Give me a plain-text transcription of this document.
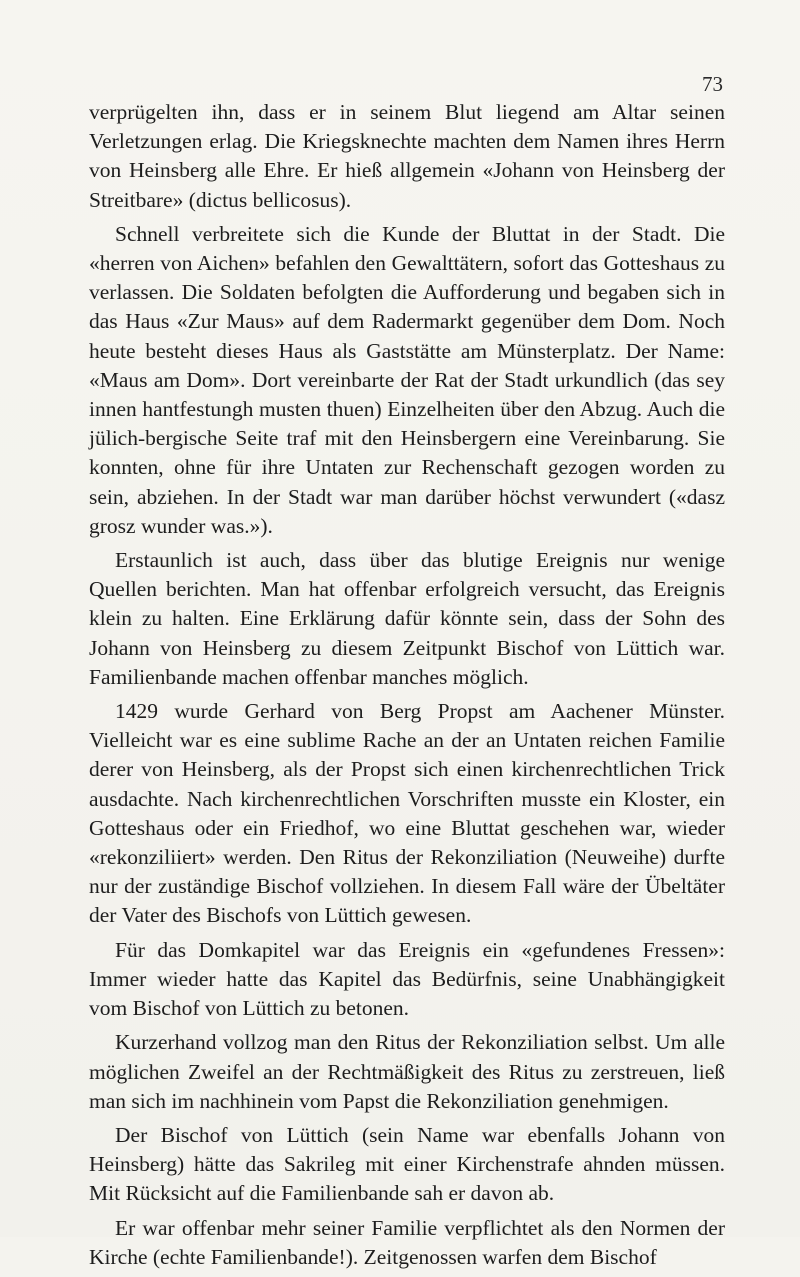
73

verprügelten ihn, dass er in seinem Blut liegend am Altar seinen Verletzungen erlag. Die Kriegsknechte machten dem Namen ihres Herrn von Heinsberg alle Ehre. Er hieß allgemein «Johann von Heinsberg der Streitbare» (dictus bellicosus).

Schnell verbreitete sich die Kunde der Bluttat in der Stadt. Die «herren von Aichen» befahlen den Gewalttätern, sofort das Gotteshaus zu verlassen. Die Soldaten befolgten die Aufforderung und begaben sich in das Haus «Zur Maus» auf dem Radermarkt gegenüber dem Dom. Noch heute besteht dieses Haus als Gaststätte am Münsterplatz. Der Name: «Maus am Dom». Dort vereinbarte der Rat der Stadt urkundlich (das sey innen hantfestungh musten thuen) Einzelheiten über den Abzug. Auch die jülich-bergische Seite traf mit den Heinsbergern eine Vereinbarung. Sie konnten, ohne für ihre Untaten zur Rechenschaft gezogen worden zu sein, abziehen. In der Stadt war man darüber höchst verwundert («dasz grosz wunder was.»).

Erstaunlich ist auch, dass über das blutige Ereignis nur wenige Quellen berichten. Man hat offenbar erfolgreich versucht, das Ereignis klein zu halten. Eine Erklärung dafür könnte sein, dass der Sohn des Johann von Heinsberg zu diesem Zeitpunkt Bischof von Lüttich war. Familienbande machen offenbar manches möglich.

1429 wurde Gerhard von Berg Propst am Aachener Münster. Vielleicht war es eine sublime Rache an der an Untaten reichen Familie derer von Heinsberg, als der Propst sich einen kirchenrechtlichen Trick ausdachte. Nach kirchenrechtlichen Vorschriften musste ein Kloster, ein Gotteshaus oder ein Friedhof, wo eine Bluttat geschehen war, wieder «rekonziliiert» werden. Den Ritus der Rekonziliation (Neuweihe) durfte nur der zuständige Bischof vollziehen. In diesem Fall wäre der Übeltäter der Vater des Bischofs von Lüttich gewesen.

Für das Domkapitel war das Ereignis ein «gefundenes Fressen»: Immer wieder hatte das Kapitel das Bedürfnis, seine Unabhängigkeit vom Bischof von Lüttich zu betonen.

Kurzerhand vollzog man den Ritus der Rekonziliation selbst. Um alle möglichen Zweifel an der Rechtmäßigkeit des Ritus zu zerstreuen, ließ man sich im nachhinein vom Papst die Rekonziliation genehmigen.

Der Bischof von Lüttich (sein Name war ebenfalls Johann von Heinsberg) hätte das Sakrileg mit einer Kirchenstrafe ahnden müssen. Mit Rücksicht auf die Familienbande sah er davon ab.

Er war offenbar mehr seiner Familie verpflichtet als den Normen der Kirche (echte Familienbande!). Zeitgenossen warfen dem Bischof
